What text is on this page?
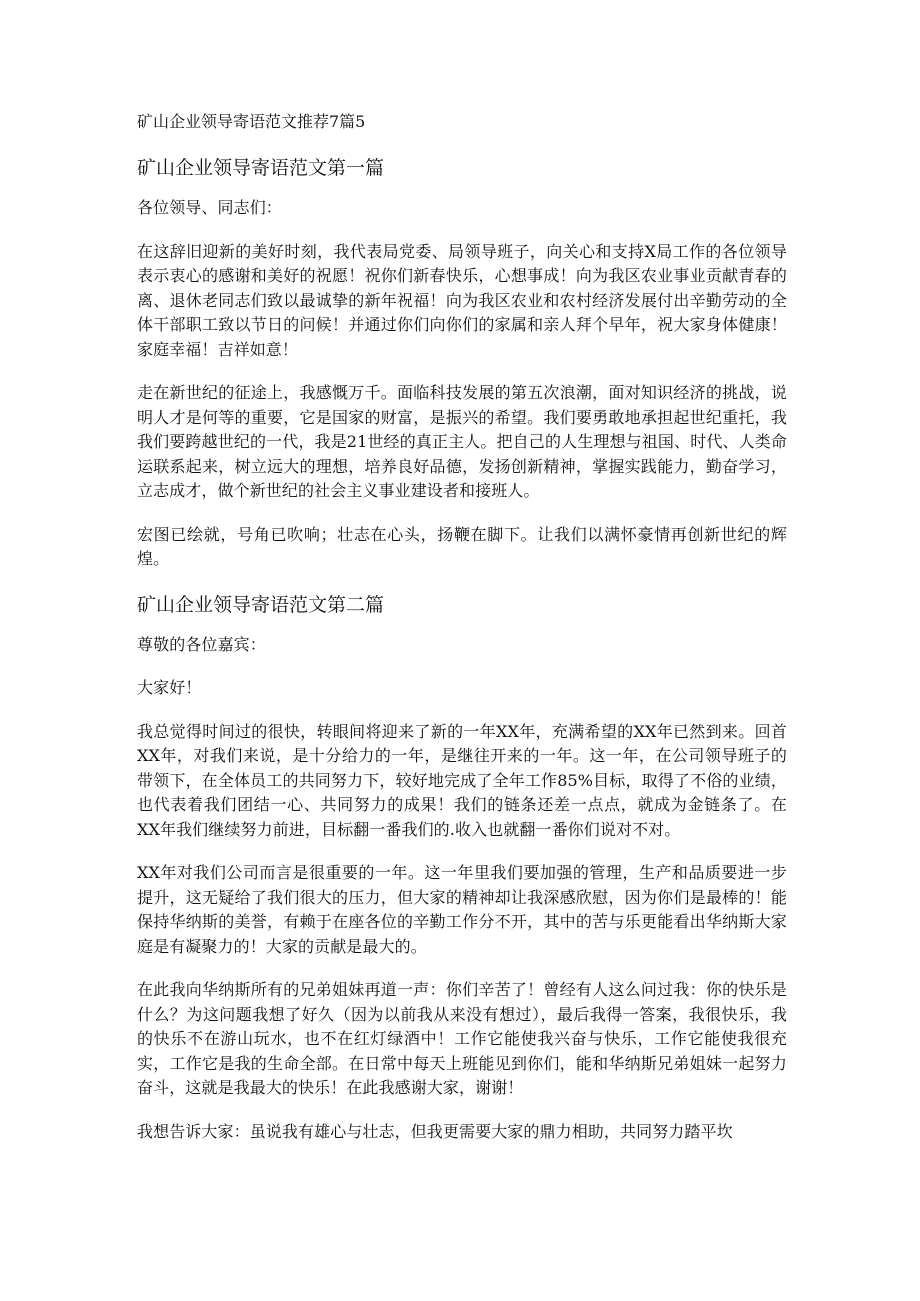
矿山企业领导寄语范文推荐7篇5
矿山企业领导寄语范文第一篇

各位领导、同志们：

在这辞旧迎新的美好时刻，我代表局党委、局领导班子，向关心和支持X局工作的各位领导表示衷心的感谢和美好的祝愿！祝你们新春快乐，心想事成！向为我区农业事业贡献青春的离、退休老同志们致以最诚挚的新年祝福！向为我区农业和农村经济发展付出辛勤劳动的全体干部职工致以节日的问候！并通过你们向你们的家属和亲人拜个早年，祝大家身体健康！家庭幸福！吉祥如意！

走在新世纪的征途上，我感慨万千。面临科技发展的第五次浪潮，面对知识经济的挑战，说明人才是何等的重要，它是国家的财富，是振兴的希望。我们要勇敢地承担起世纪重托，我我们要跨越世纪的一代，我是21世经的真正主人。把自己的人生理想与祖国、时代、人类命运联系起来，树立远大的理想，培养良好品德，发扬创新精神，掌握实践能力，勤奋学习，立志成才，做个新世纪的社会主义事业建设者和接班人。

宏图已绘就，号角已吹响；壮志在心头，扬鞭在脚下。让我们以满怀豪情再创新世纪的辉煌。

矿山企业领导寄语范文第二篇

尊敬的各位嘉宾：

大家好！

我总觉得时间过的很快，转眼间将迎来了新的一年XX年，充满希望的XX年已然到来。回首XX年，对我们来说，是十分给力的一年，是继往开来的一年。这一年，在公司领导班子的带领下，在全体员工的共同努力下，较好地完成了全年工作85%目标，取得了不俗的业绩，也代表着我们团结一心、共同努力的成果！我们的链条还差一点点，就成为金链条了。在XX年我们继续努力前进，目标翻一番我们的.收入也就翻一番你们说对不对。

XX年对我们公司而言是很重要的一年。这一年里我们要加强的管理，生产和品质要进一步提升，这无疑给了我们很大的压力，但大家的精神却让我深感欣慰，因为你们是最棒的！能保持华纳斯的美誉，有赖于在座各位的辛勤工作分不开，其中的苦与乐更能看出华纳斯大家庭是有凝聚力的！大家的贡献是最大的。

在此我向华纳斯所有的兄弟姐妹再道一声：你们辛苦了！曾经有人这么问过我：你的快乐是什么？为这问题我想了好久（因为以前我从来没有想过），最后我得一答案，我很快乐，我的快乐不在游山玩水，也不在红灯绿酒中！工作它能使我兴奋与快乐，工作它能使我很充实，工作它是我的生命全部。在日常中每天上班能见到你们，能和华纳斯兄弟姐妹一起努力奋斗，这就是我最大的快乐！在此我感谢大家，谢谢！

我想告诉大家：虽说我有雄心与壮志，但我更需要大家的鼎力相助，共同努力踏平坎
